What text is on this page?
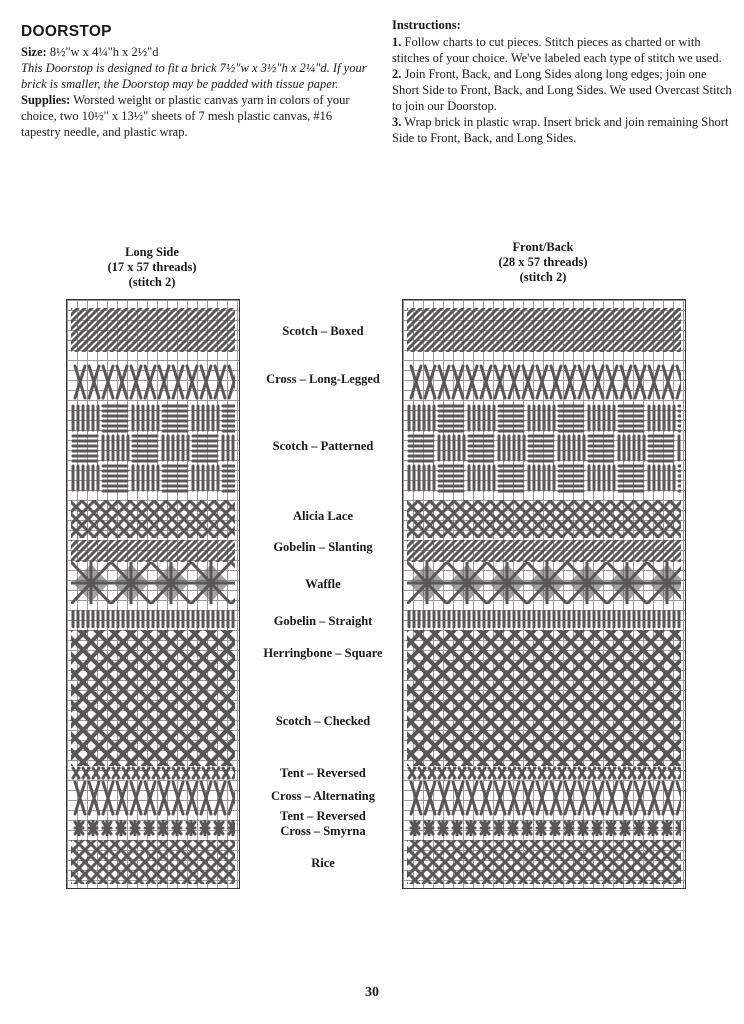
DOORSTOP

Size: 8½"w x 4¼"h x 2½"d

This Doorstop is designed to fit a brick 7½"w x 3½"h x 2¼"d. If your brick is smaller, the Doorstop may be padded with tissue paper.

Supplies: Worsted weight or plastic canvas yarn in colors of your choice, two 10½" x 13½" sheets of 7 mesh plastic canvas, #16 tapestry needle, and plastic wrap.

Instructions:

1. Follow charts to cut pieces. Stitch pieces as charted or with stitches of your choice. We've labeled each type of stitch we used.

2. Join Front, Back, and Long Sides along long edges; join one Short Side to Front, Back, and Long Sides. We used Overcast Stitch to join our Doorstop.

3. Wrap brick in plastic wrap. Insert brick and join remaining Short Side to Front, Back, and Long Sides.

Long Side
(17 x 57 threads)
(stitch 2)
Front/Back
(28 x 57 threads)
(stitch 2)
Scotch – Boxed
Cross – Long-Legged
Scotch – Patterned
Alicia Lace
Gobelin – Slanting
Waffle
Gobelin – Straight
Herringbone – Square
Scotch – Checked
Tent – Reversed
Cross – Alternating
Tent – Reversed
Cross – Smyrna
Rice
30
